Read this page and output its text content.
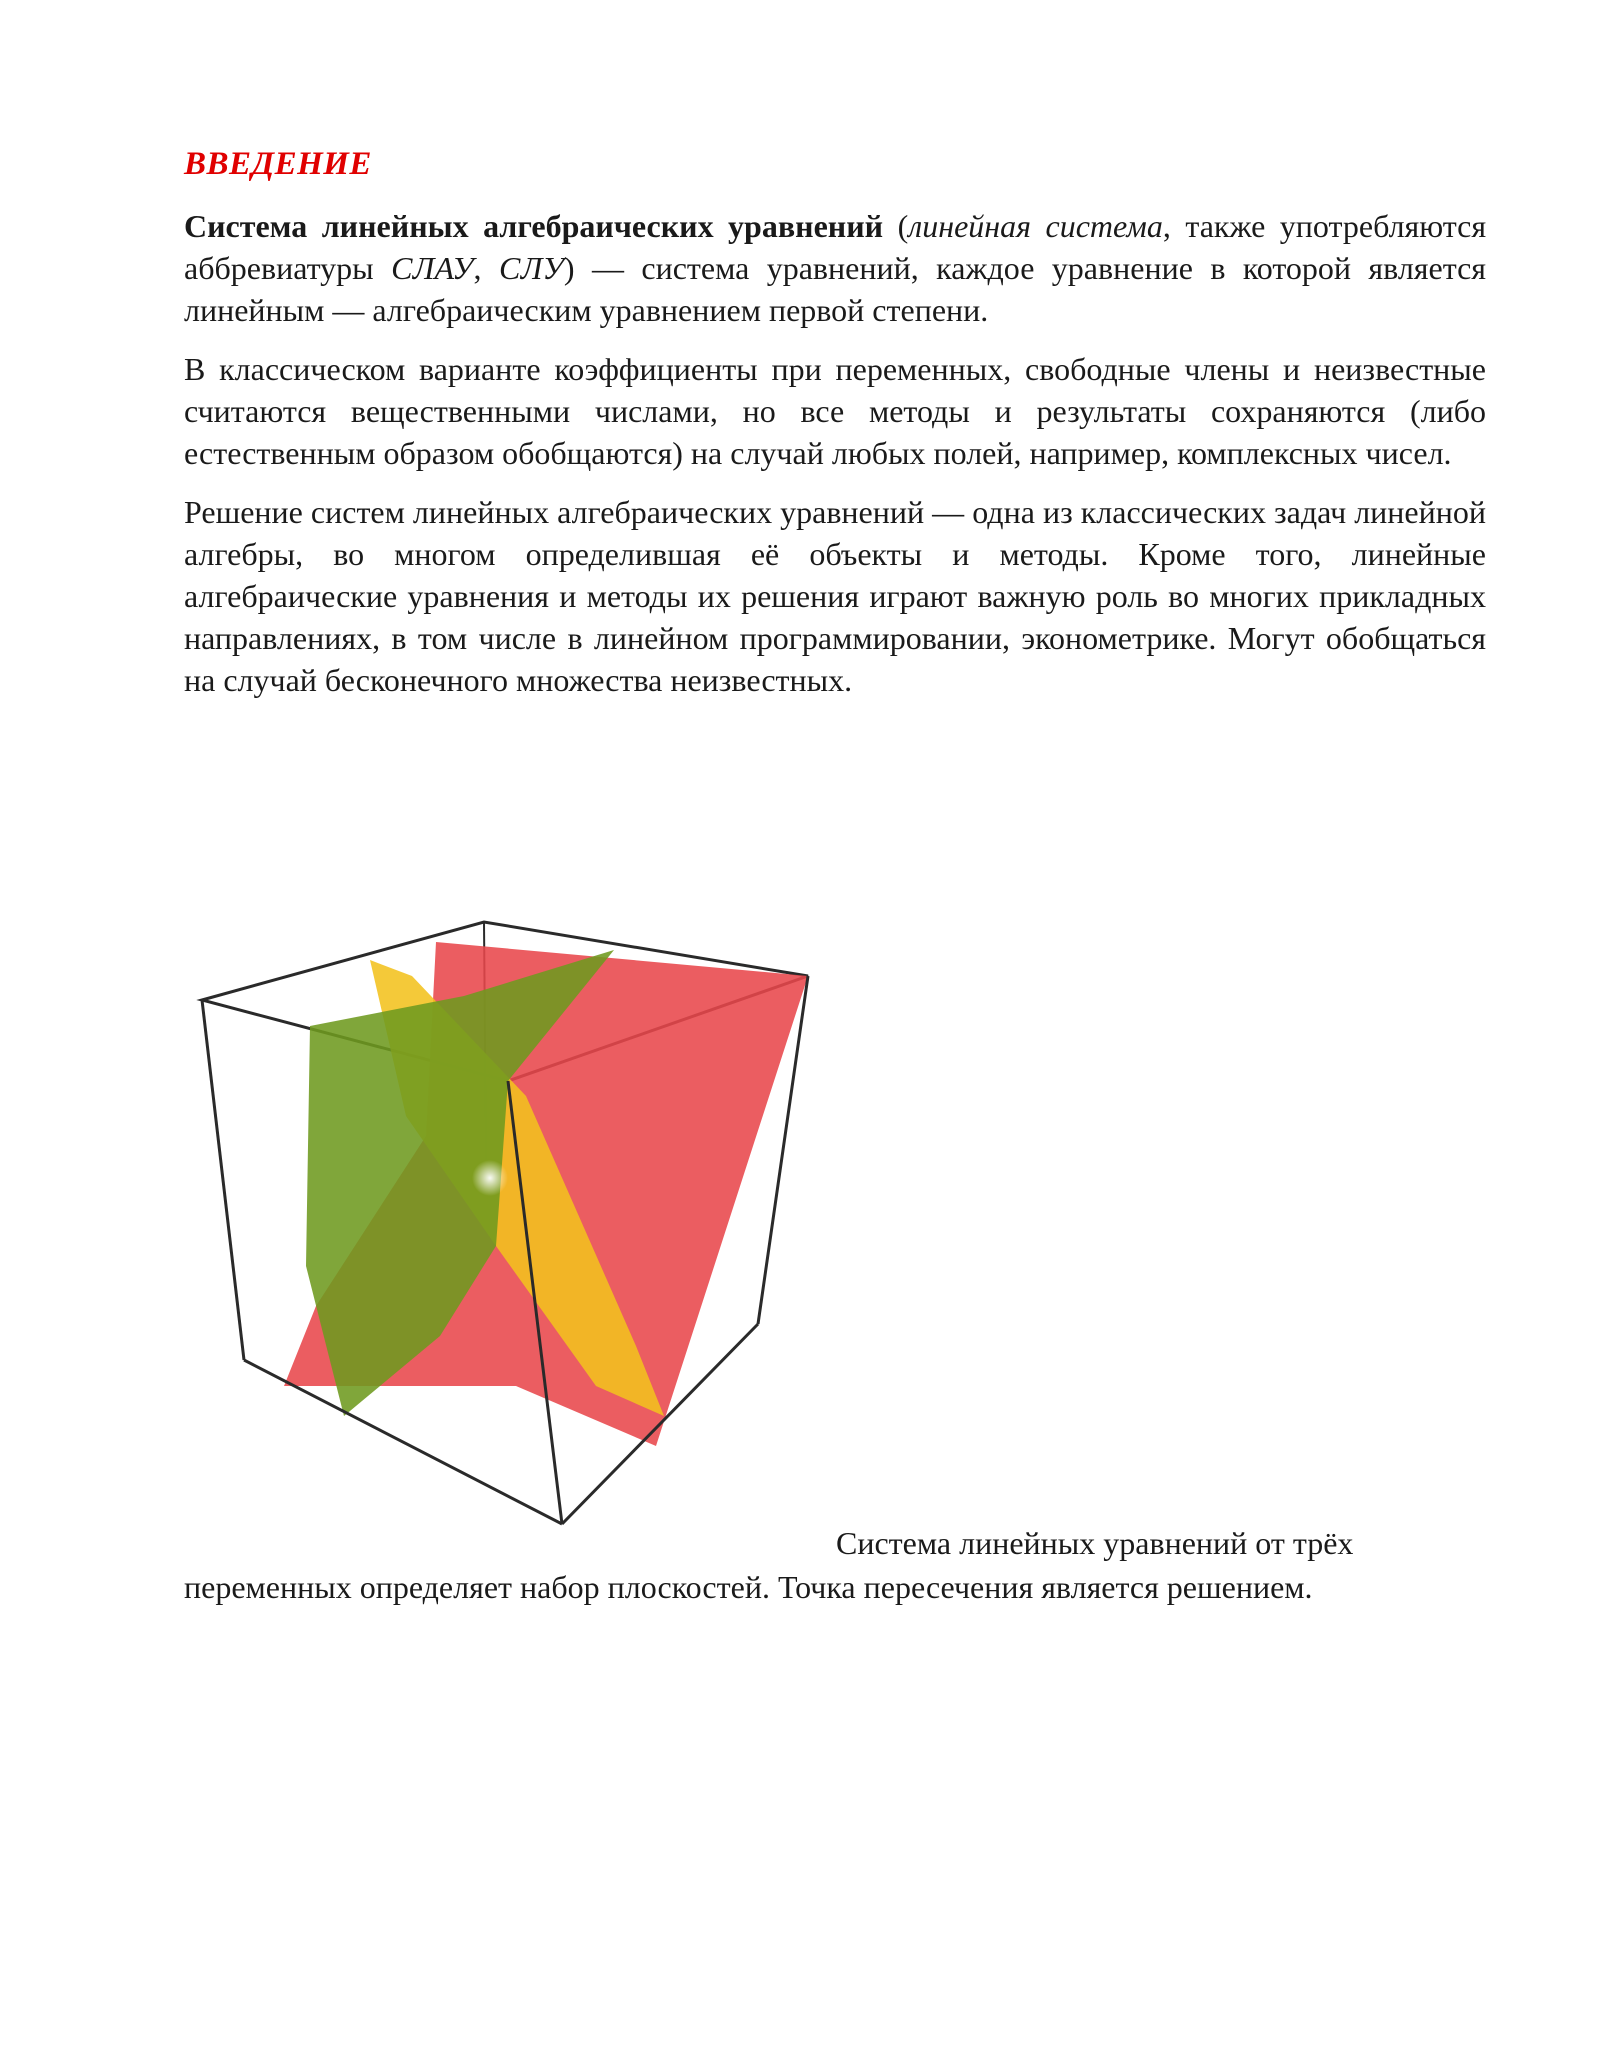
ВВЕДЕНИЕ

Система линейных алгебраических уравнений (линейная система, также употребляются аббревиатуры СЛАУ, СЛУ) — система уравнений, каждое уравнение в которой является линейным — алгебраическим уравнением первой степени.

В классическом варианте коэффициенты при переменных, свободные члены и неизвестные считаются вещественными числами, но все методы и результаты сохраняются (либо естественным образом обобщаются) на случай любых полей, например, комплексных чисел.

Решение систем линейных алгебраических уравнений — одна из классических задач линейной алгебры, во многом определившая её объекты и методы. Кроме того, линейные алгебраические уравнения и методы их решения играют важную роль во многих прикладных направлениях, в том числе в линейном программировании, эконометрике. Могут обобщаться на случай бесконечного множества неизвестных.

Система линейных уравнений от трёх
переменных определяет набор плоскостей. Точка пересечения является решением.
